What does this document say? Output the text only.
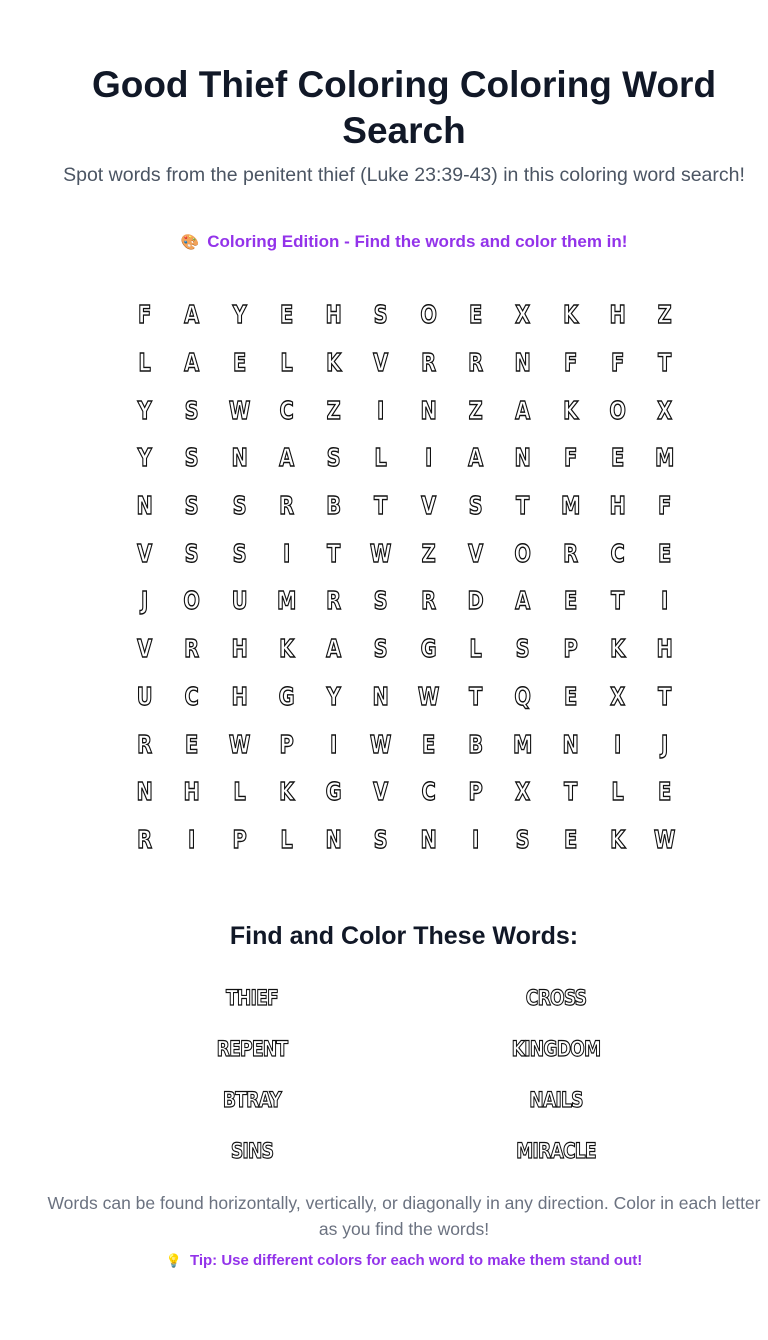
Good Thief Coloring Coloring Word Search

Spot words from the penitent thief (Luke 23:39-43) in this coloring word search!

🎨 Coloring Edition - Find the words and color them in!
F	A	Y	E	H	S	O	E	X	K	H	Z
L	A	E	L	K	V	R	R	N	F	F	T
Y	S	W	C	Z	I	N	Z	A	K	O	X
Y	S	N	A	S	L	I	A	N	F	E	M
N	S	S	R	B	T	V	S	T	M	H	F
V	S	S	I	T	W	Z	V	O	R	C	E
J	O	U	M	R	S	R	D	A	E	T	I
V	R	H	K	A	S	G	L	S	P	K	H
U	C	H	G	Y	N	W	T	Q	E	X	T
R	E	W	P	I	W	E	B	M	N	I	J
N	H	L	K	G	V	C	P	X	T	L	E
R	I	P	L	N	S	N	I	S	E	K	W
Find and Color These Words:
THIEF	CROSS
REPENT	KINGDOM
BTRAY	NAILS
SINS	MIRACLE

Words can be found horizontally, vertically, or diagonally in any direction. Color in each letter as you find the words!

💡 Tip: Use different colors for each word to make them stand out!
